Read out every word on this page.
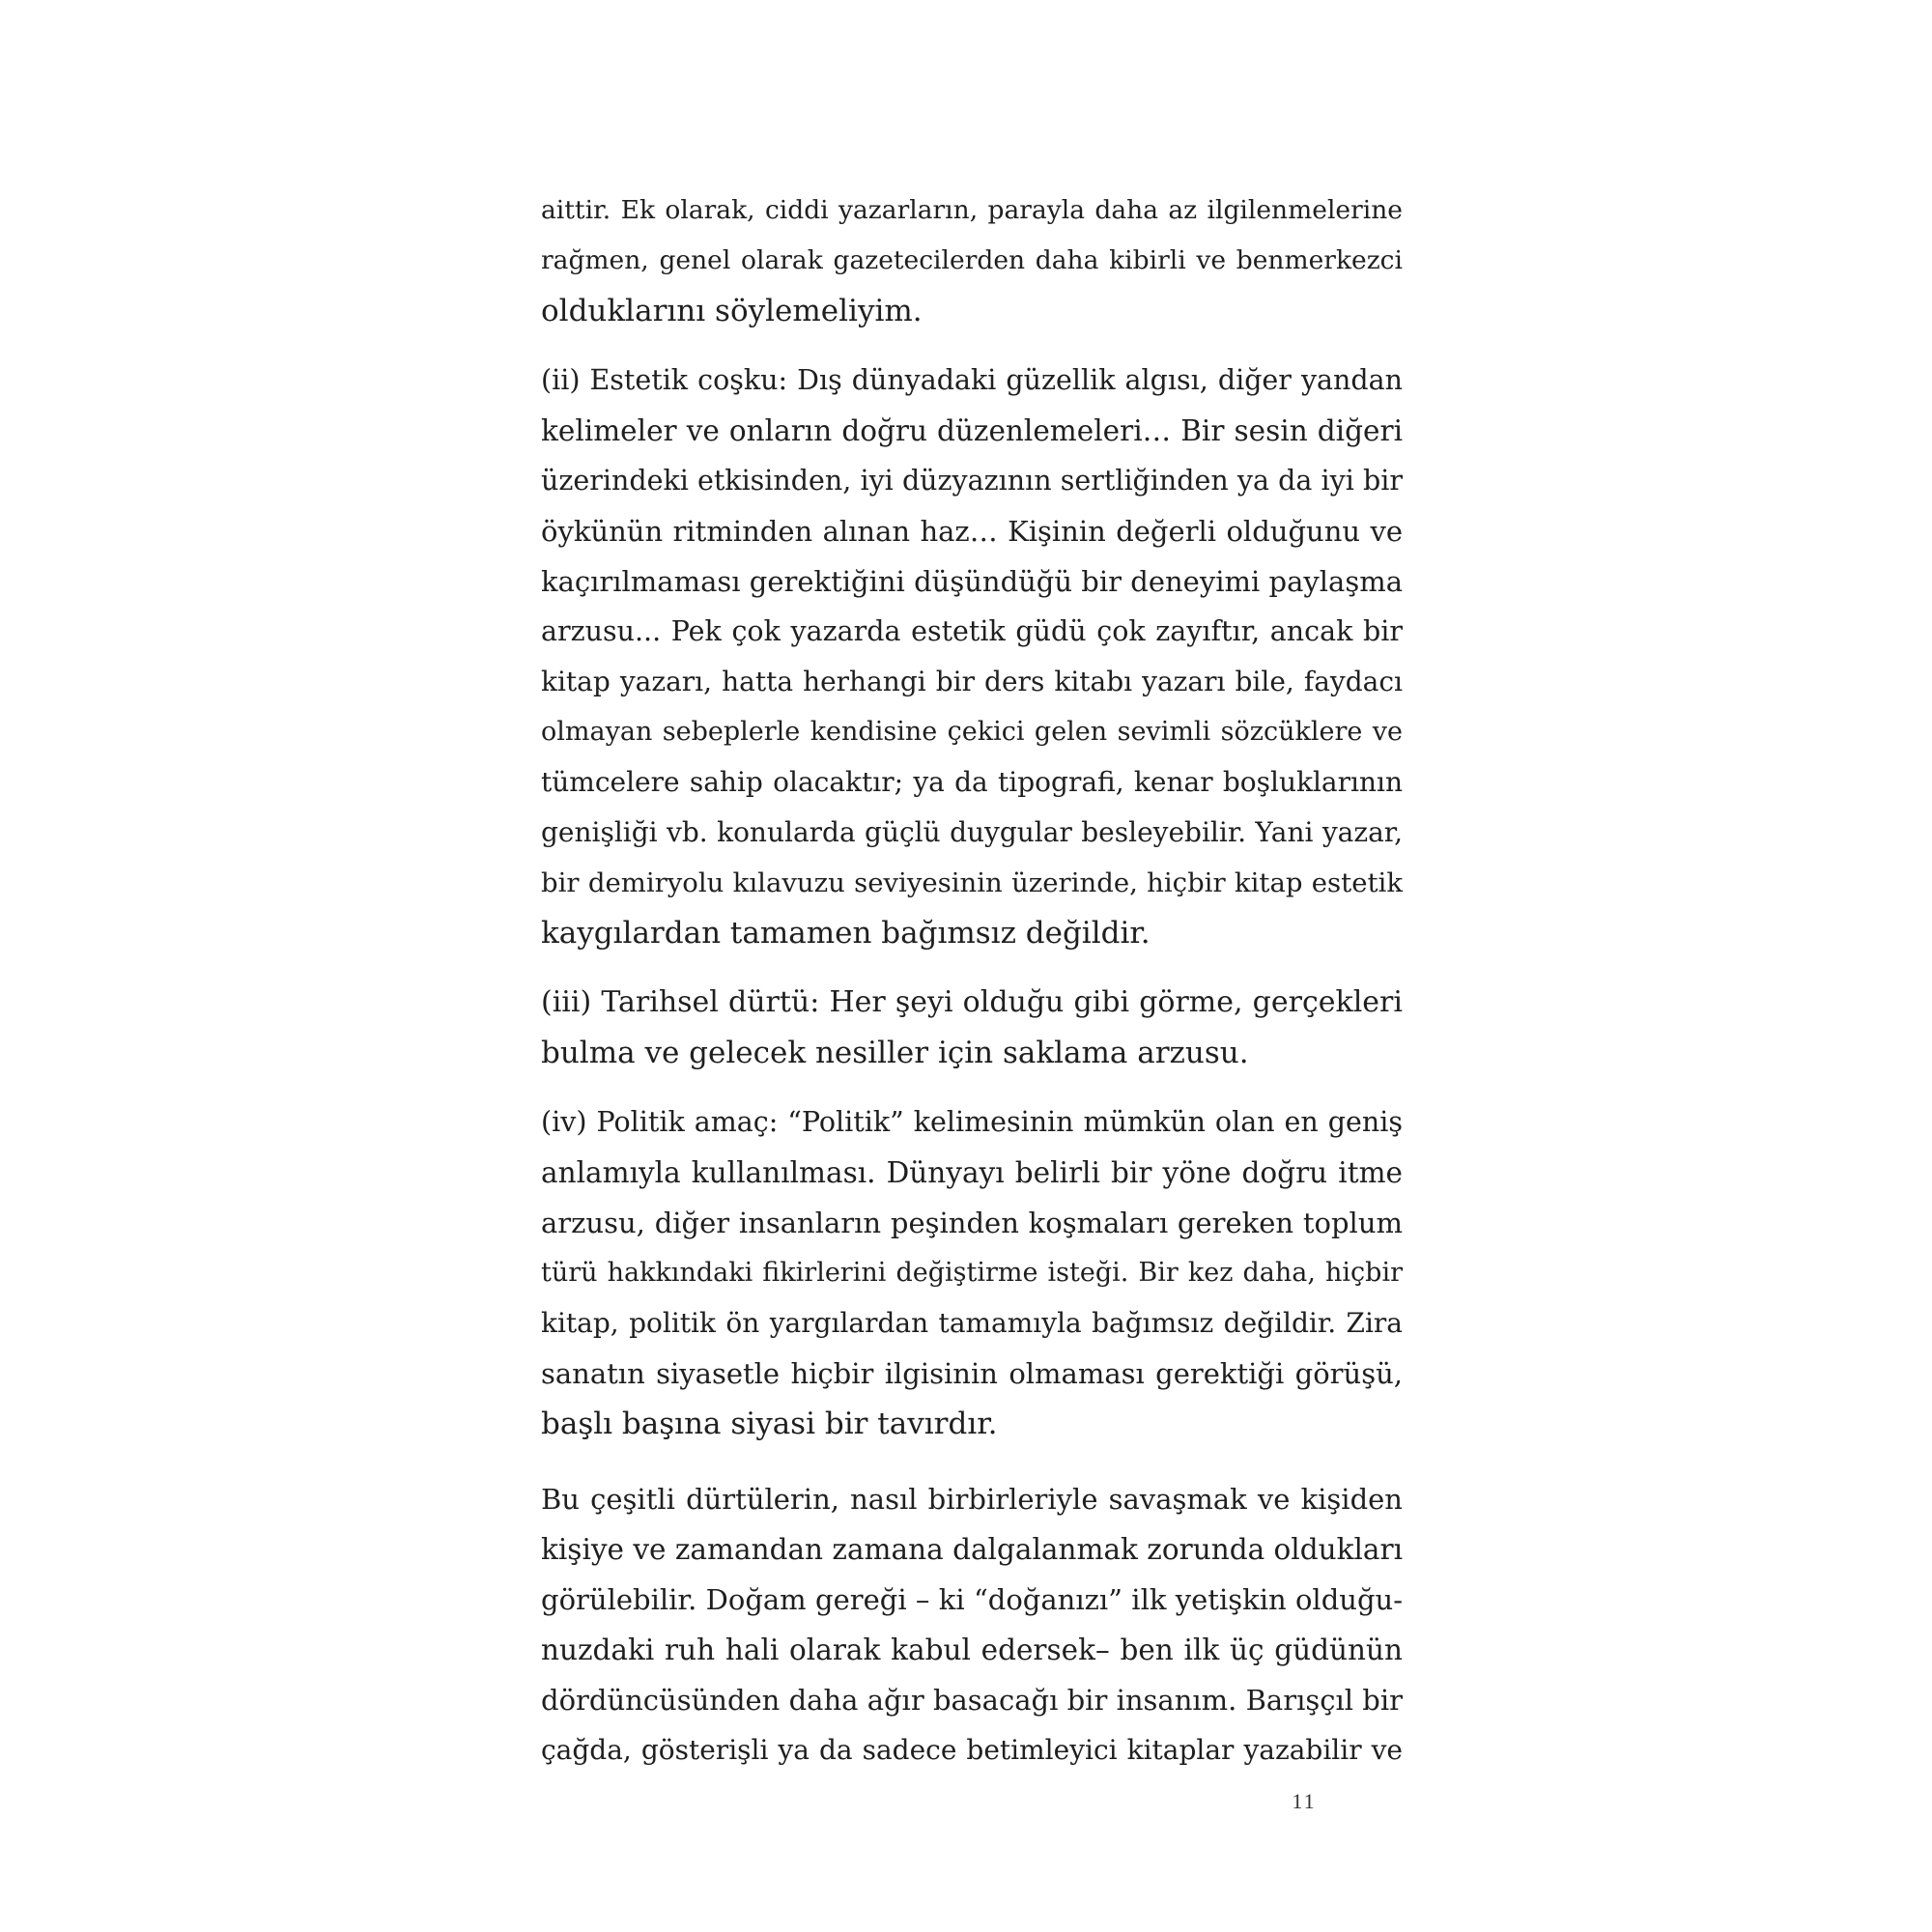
aittir. Ek olarak, ciddi yazarların, parayla daha az ilgilenmelerine
rağmen, genel olarak gazetecilerden daha kibirli ve benmerkezci
olduklarını söylemeliyim.
(ii) Estetik coşku: Dış dünyadaki güzellik algısı, diğer yandan
kelimeler ve onların doğru düzenlemeleri… Bir sesin diğeri
üzerindeki etkisinden, iyi düzyazının sertliğinden ya da iyi bir
öykünün ritminden alınan haz… Kişinin değerli olduğunu ve
kaçırılmaması gerektiğini düşündüğü bir deneyimi paylaşma
arzusu... Pek çok yazarda estetik güdü çok zayıftır, ancak bir
kitap yazarı, hatta herhangi bir ders kitabı yazarı bile, faydacı
olmayan sebeplerle kendisine çekici gelen sevimli sözcüklere ve
tümcelere sahip olacaktır; ya da tipografi, kenar boşluklarının
genişliği vb. konularda güçlü duygular besleyebilir. Yani yazar,
bir demiryolu kılavuzu seviyesinin üzerinde, hiçbir kitap estetik
kaygılardan tamamen bağımsız değildir.
(iii) Tarihsel dürtü: Her şeyi olduğu gibi görme, gerçekleri
bulma ve gelecek nesiller için saklama arzusu.
(iv) Politik amaç: “Politik” kelimesinin mümkün olan en geniş
anlamıyla kullanılması. Dünyayı belirli bir yöne doğru itme
arzusu, diğer insanların peşinden koşmaları gereken toplum
türü hakkındaki fikirlerini değiştirme isteği. Bir kez daha, hiçbir
kitap, politik ön yargılardan tamamıyla bağımsız değildir. Zira
sanatın siyasetle hiçbir ilgisinin olmaması gerektiği görüşü,
başlı başına siyasi bir tavırdır.
Bu çeşitli dürtülerin, nasıl birbirleriyle savaşmak ve kişiden
kişiye ve zamandan zamana dalgalanmak zorunda oldukları
görülebilir. Doğam gereği – ki “doğanızı” ilk yetişkin olduğu-
nuzdaki ruh hali olarak kabul edersek– ben ilk üç güdünün
dördüncüsünden daha ağır basacağı bir insanım. Barışçıl bir
çağda, gösterişli ya da sadece betimleyici kitaplar yazabilir ve
11
